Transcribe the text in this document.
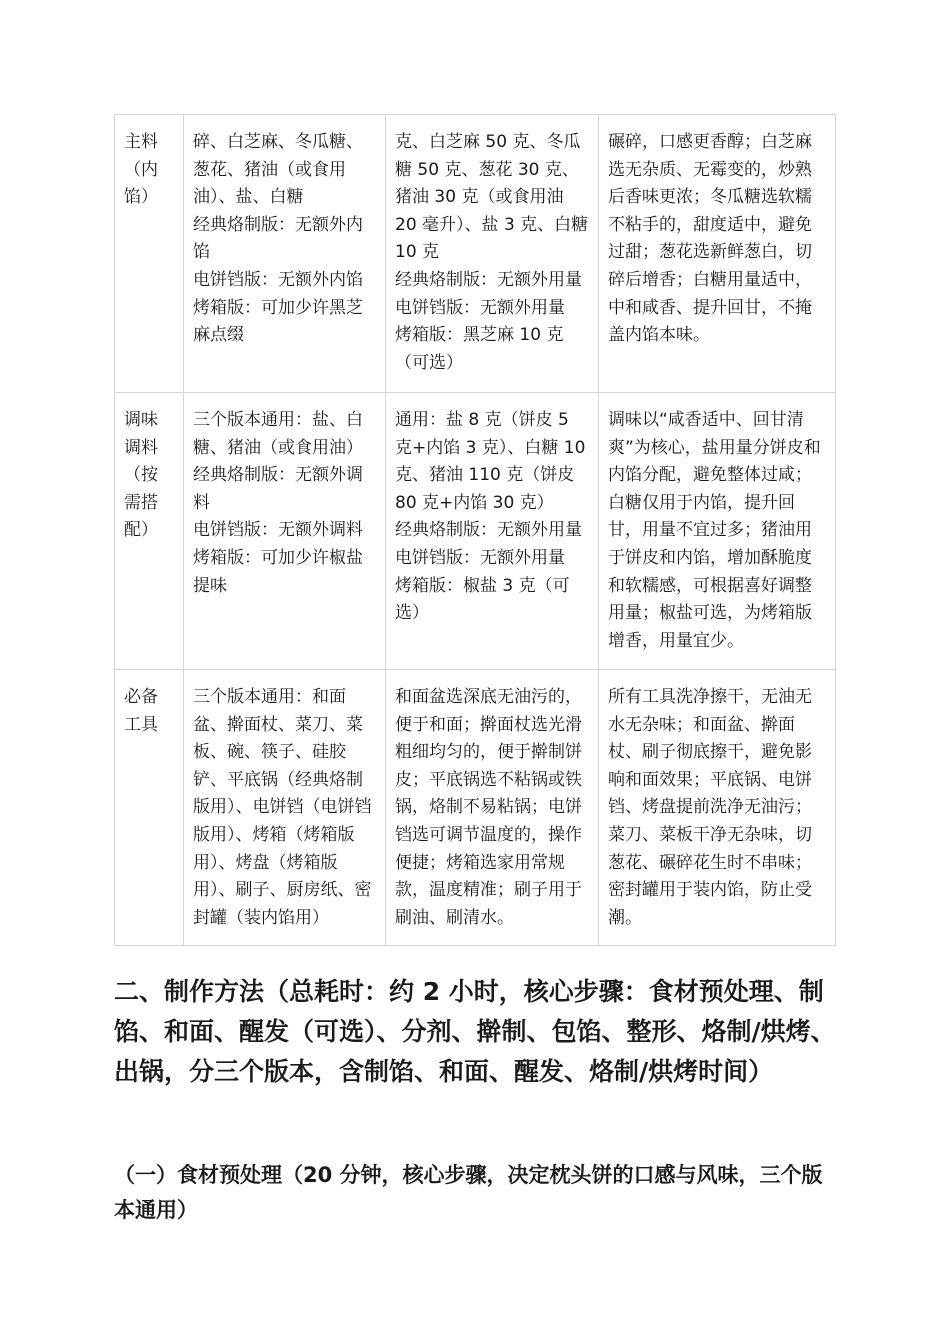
主料（内馅）	碎、白芝麻、冬瓜糖、葱花、猪油（或食用油）、盐、白糖
经典烙制版：无额外内馅
电饼铛版：无额外内馅
烤箱版：可加少许黑芝麻点缀	克、白芝麻 50 克、冬瓜糖 50 克、葱花 30 克、猪油 30 克（或食用油 20 毫升）、盐 3 克、白糖 10 克
经典烙制版：无额外用量
电饼铛版：无额外用量
烤箱版：黑芝麻 10 克（可选）	碾碎，口感更香醇；白芝麻选无杂质、无霉变的，炒熟后香味更浓；冬瓜糖选软糯不粘手的，甜度适中，避免过甜；葱花选新鲜葱白，切碎后增香；白糖用量适中，中和咸香、提升回甘，不掩盖内馅本味。

调味调料（按需搭配）	三个版本通用：盐、白糖、猪油（或食用油）
经典烙制版：无额外调料
电饼铛版：无额外调料
烤箱版：可加少许椒盐提味	通用：盐 8 克（饼皮 5 克+内馅 3 克）、白糖 10 克、猪油 110 克（饼皮 80 克+内馅 30 克）
经典烙制版：无额外用量
电饼铛版：无额外用量
烤箱版：椒盐 3 克（可选）	调味以“咸香适中、回甘清爽”为核心，盐用量分饼皮和内馅分配，避免整体过咸；白糖仅用于内馅，提升回甘，用量不宜过多；猪油用于饼皮和内馅，增加酥脆度和软糯感，可根据喜好调整用量；椒盐可选，为烤箱版增香，用量宜少。

必备工具	三个版本通用：和面盆、擀面杖、菜刀、菜板、碗、筷子、硅胶铲、平底锅（经典烙制版用）、电饼铛（电饼铛版用）、烤箱（烤箱版用）、烤盘（烤箱版用）、刷子、厨房纸、密封罐（装内馅用）	和面盆选深底无油污的，便于和面；擀面杖选光滑粗细均匀的，便于擀制饼皮；平底锅选不粘锅或铁锅，烙制不易粘锅；电饼铛选可调节温度的，操作便捷；烤箱选家用常规款，温度精准；刷子用于刷油、刷清水。	所有工具洗净擦干，无油无水无杂味；和面盆、擀面杖、刷子彻底擦干，避免影响和面效果；平底锅、电饼铛、烤盘提前洗净无油污；菜刀、菜板干净无杂味，切葱花、碾碎花生时不串味；密封罐用于装内馅，防止受潮。
二、制作方法（总耗时：约 2 小时，核心步骤：食材预处理、制馅、和面、醒发（可选）、分剂、擀制、包馅、整形、烙制/烘烤、出锅，分三个版本，含制馅、和面、醒发、烙制/烘烤时间）
（一）食材预处理（20 分钟，核心步骤，决定枕头饼的口感与风味，三个版本通用）
